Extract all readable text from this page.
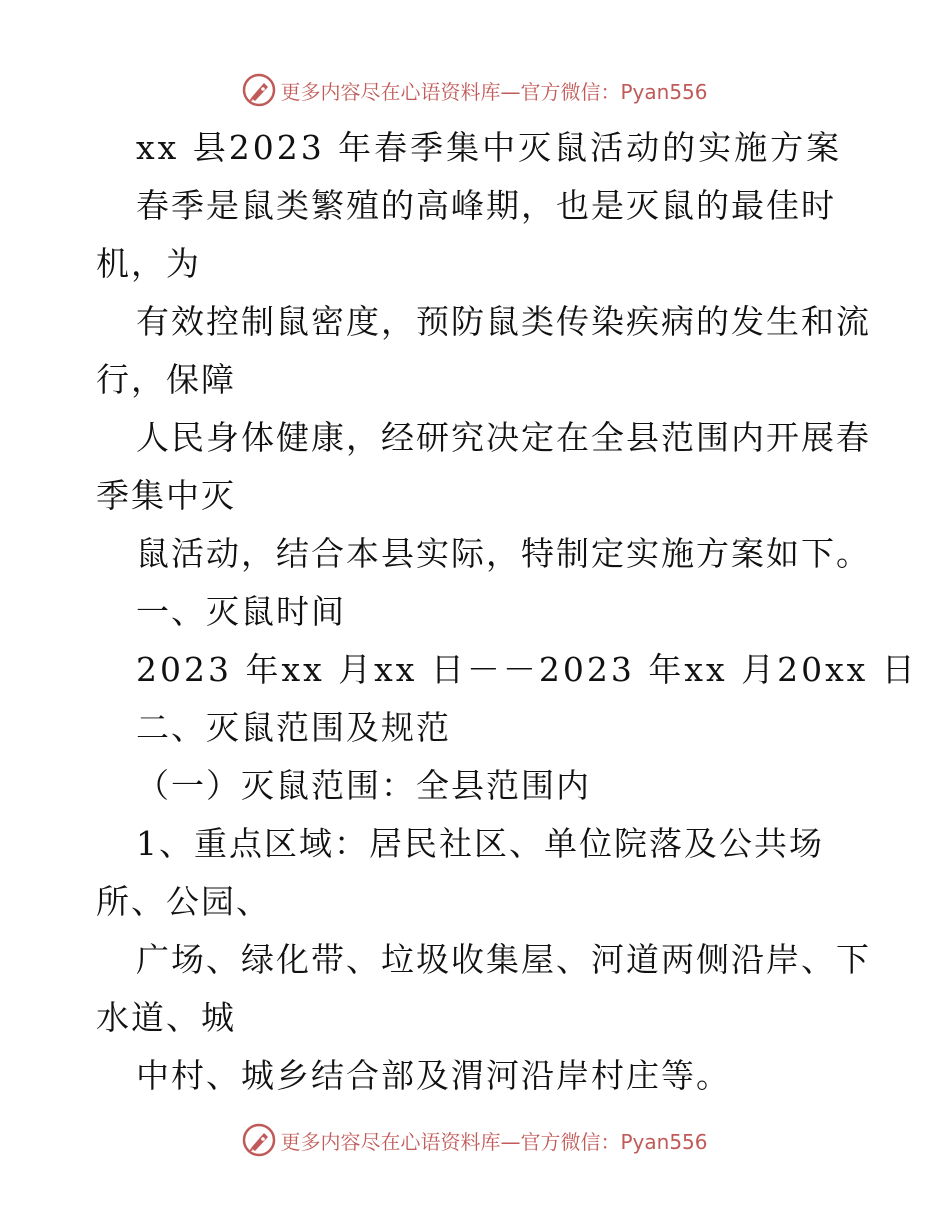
更多内容尽在心语资料库—官方微信：Pyan556
xx 县2023 年春季集中灭鼠活动的实施方案
春季是鼠类繁殖的高峰期，也是灭鼠的最佳时
机，为
有效控制鼠密度，预防鼠类传染疾病的发生和流
行，保障
人民身体健康，经研究决定在全县范围内开展春
季集中灭
鼠活动，结合本县实际，特制定实施方案如下。
一、灭鼠时间
2023 年xx 月xx 日－－2023 年xx 月20xx 日
二、灭鼠范围及规范
（一）灭鼠范围：全县范围内
1、重点区域：居民社区、单位院落及公共场
所、公园、
广场、绿化带、垃圾收集屋、河道两侧沿岸、下
水道、城
中村、城乡结合部及渭河沿岸村庄等。
更多内容尽在心语资料库—官方微信：Pyan556
